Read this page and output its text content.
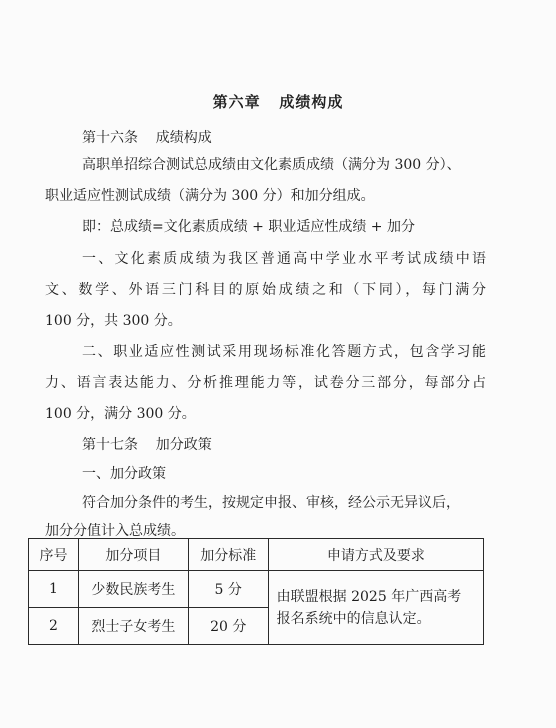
第六章   成绩构成
第十六条    成绩构成
高职单招综合测试总成绩由文化素质成绩（满分为 300 分）、
职业适应性测试成绩（满分为 300 分）和加分组成。
即：总成绩=文化素质成绩 + 职业适应性成绩 + 加分
一、文化素质成绩为我区普通高中学业水平考试成绩中语
文、数学、外语三门科目的原始成绩之和（下同），每门满分
100 分，共 300 分。
二、职业适应性测试采用现场标准化答题方式，包含学习能
力、语言表达能力、分析推理能力等，试卷分三部分，每部分占
100 分，满分 300 分。
第十七条    加分政策
一、加分政策
符合加分条件的考生，按规定申报、审核，经公示无异议后，
加分分值计入总成绩。
序号	加分项目	加分标准	申请方式及要求
1	少数民族考生	5 分	由联盟根据 2025 年广西高考报名系统中的信息认定。
2	烈士子女考生	20 分	
